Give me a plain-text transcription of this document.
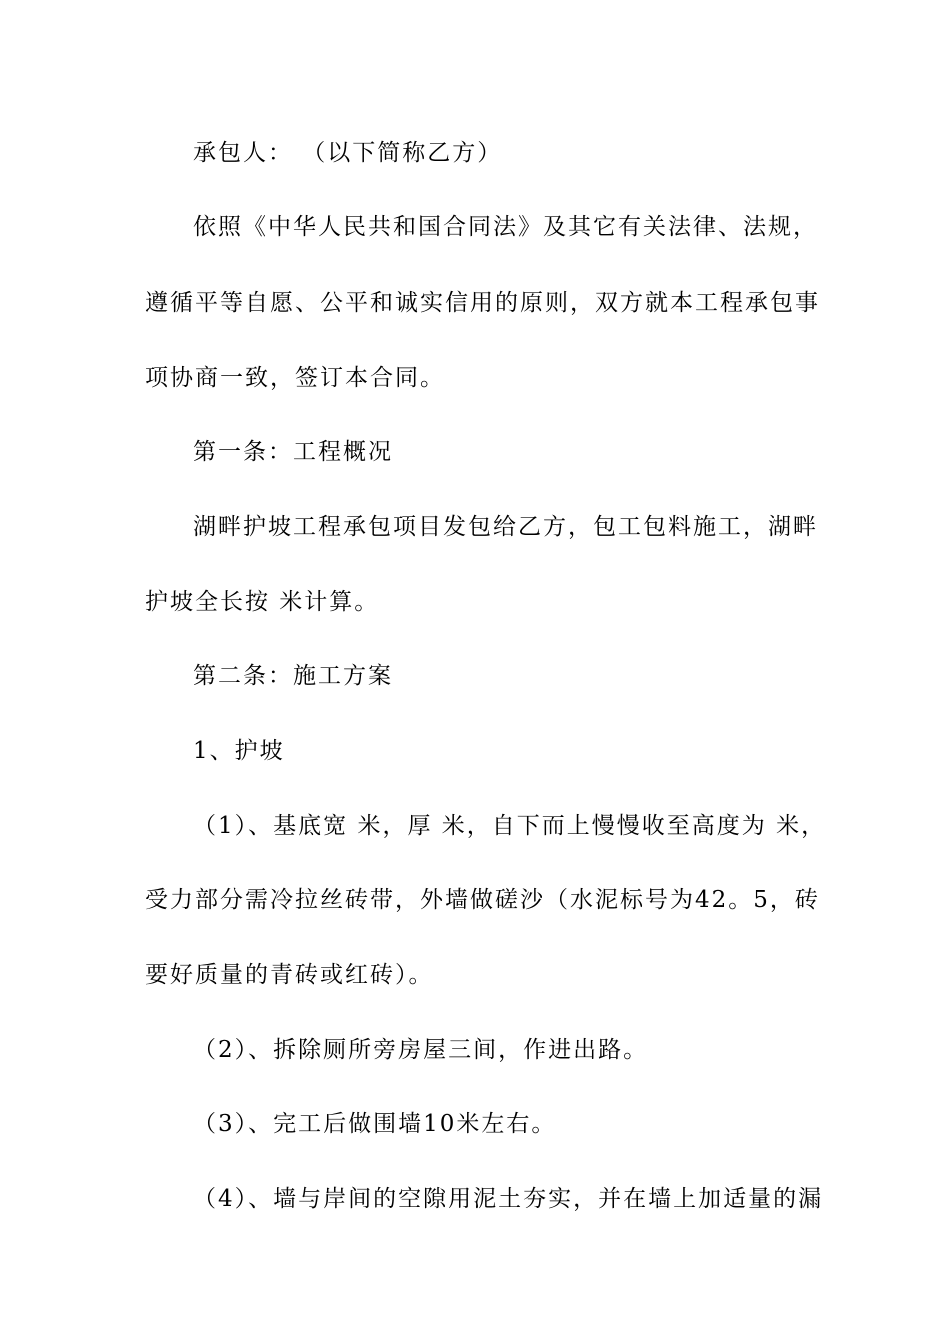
承包人： （以下简称乙方）
依照《中华人民共和国合同法》及其它有关法律、法规，
遵循平等自愿、公平和诚实信用的原则，双方就本工程承包事
项协商一致，签订本合同。
第一条：工程概况
湖畔护坡工程承包项目发包给乙方，包工包料施工，湖畔
护坡全长按 米计算。
第二条：施工方案
1、护坡
（1）、基底宽 米，厚 米，自下而上慢慢收至高度为 米，
受力部分需冷拉丝砖带，外墙做磋沙（水泥标号为42。5，砖
要好质量的青砖或红砖）。
（2）、拆除厕所旁房屋三间，作进出路。
（3）、完工后做围墙10米左右。
（4）、墙与岸间的空隙用泥土夯实，并在墙上加适量的漏
